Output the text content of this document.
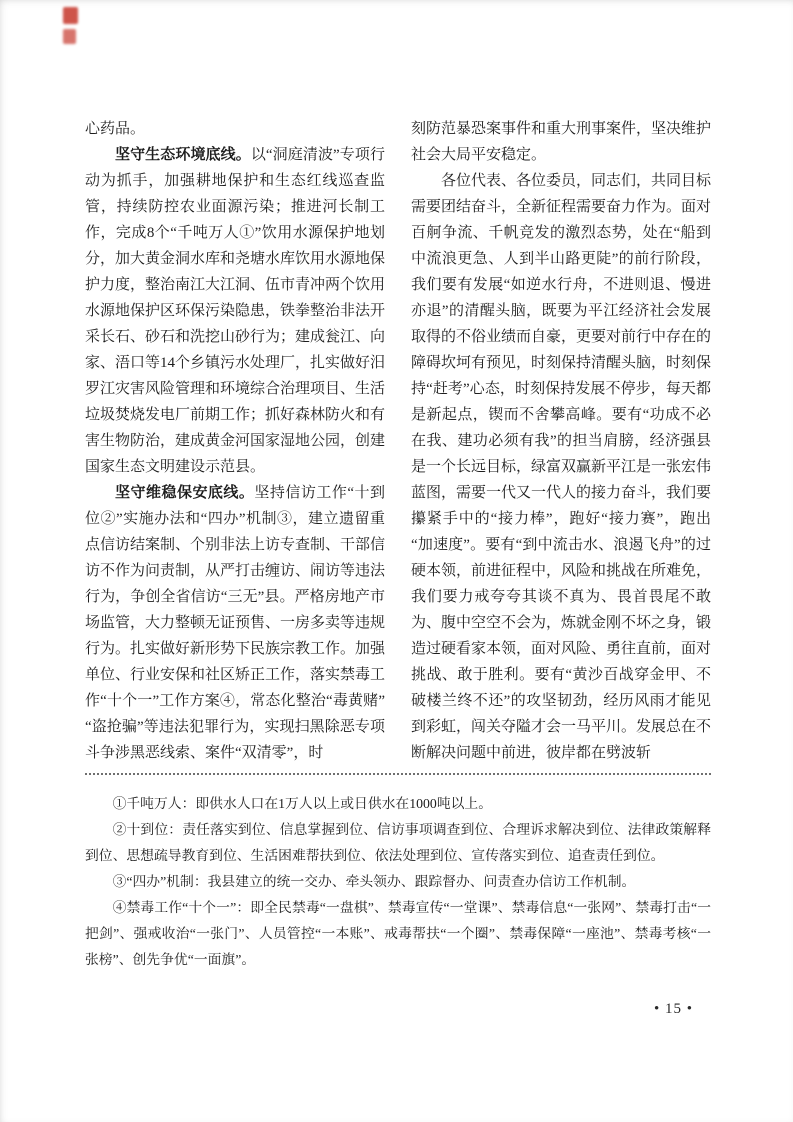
心药品。

坚守生态环境底线。以“洞庭清波”专项行动为抓手，加强耕地保护和生态红线巡查监管，持续防控农业面源污染；推进河长制工作，完成8个“千吨万人①”饮用水源保护地划分，加大黄金洞水库和尧塘水库饮用水源地保护力度，整治南江大江洞、伍市青冲两个饮用水源地保护区环保污染隐患，铁拳整治非法开采长石、砂石和洗挖山砂行为；建成瓮江、向家、浯口等14个乡镇污水处理厂，扎实做好汨罗江灾害风险管理和环境综合治理项目、生活垃圾焚烧发电厂前期工作；抓好森林防火和有害生物防治，建成黄金河国家湿地公园，创建国家生态文明建设示范县。

坚守维稳保安底线。坚持信访工作“十到位②”实施办法和“四办”机制③，建立遗留重点信访结案制、个别非法上访专查制、干部信访不作为问责制，从严打击缠访、闹访等违法行为，争创全省信访“三无”县。严格房地产市场监管，大力整顿无证预售、一房多卖等违规行为。扎实做好新形势下民族宗教工作。加强单位、行业安保和社区矫正工作，落实禁毒工作“十个一”工作方案④，常态化整治“毒黄赌”“盗抢骗”等违法犯罪行为，实现扫黑除恶专项斗争涉黑恶线索、案件“双清零”，时

刻防范暴恐案事件和重大刑事案件，坚决维护社会大局平安稳定。

各位代表、各位委员，同志们，共同目标需要团结奋斗，全新征程需要奋力作为。面对百舸争流、千帆竞发的激烈态势，处在“船到中流浪更急、人到半山路更陡”的前行阶段，我们要有发展“如逆水行舟，不进则退、慢进亦退”的清醒头脑，既要为平江经济社会发展取得的不俗业绩而自豪，更要对前行中存在的障碍坎坷有预见，时刻保持清醒头脑，时刻保持“赶考”心态，时刻保持发展不停步，每天都是新起点，锲而不舍攀高峰。要有“功成不必在我、建功必须有我”的担当肩膀，经济强县是一个长远目标，绿富双赢新平江是一张宏伟蓝图，需要一代又一代人的接力奋斗，我们要攥紧手中的“接力棒”，跑好“接力赛”，跑出“加速度”。要有“到中流击水、浪遏飞舟”的过硬本领，前进征程中，风险和挑战在所难免，我们要力戒夸夸其谈不真为、畏首畏尾不敢为、腹中空空不会为，炼就金刚不坏之身，锻造过硬看家本领，面对风险、勇往直前，面对挑战、敢于胜利。要有“黄沙百战穿金甲、不破楼兰终不还”的攻坚韧劲，经历风雨才能见到彩虹，闯关夺隘才会一马平川。发展总在不断解决问题中前进，彼岸都在劈波斩

①千吨万人：即供水人口在1万人以上或日供水在1000吨以上。

②十到位：责任落实到位、信息掌握到位、信访事项调查到位、合理诉求解决到位、法律政策解释到位、思想疏导教育到位、生活困难帮扶到位、依法处理到位、宣传落实到位、追查责任到位。

③“四办”机制：我县建立的统一交办、牵头领办、跟踪督办、问责查办信访工作机制。

④禁毒工作“十个一”：即全民禁毒“一盘棋”、禁毒宣传“一堂课”、禁毒信息“一张网”、禁毒打击“一把剑”、强戒收治“一张门”、人员管控“一本账”、戒毒帮扶“一个圈”、禁毒保障“一座池”、禁毒考核“一张榜”、创先争优“一面旗”。

• 15 •
